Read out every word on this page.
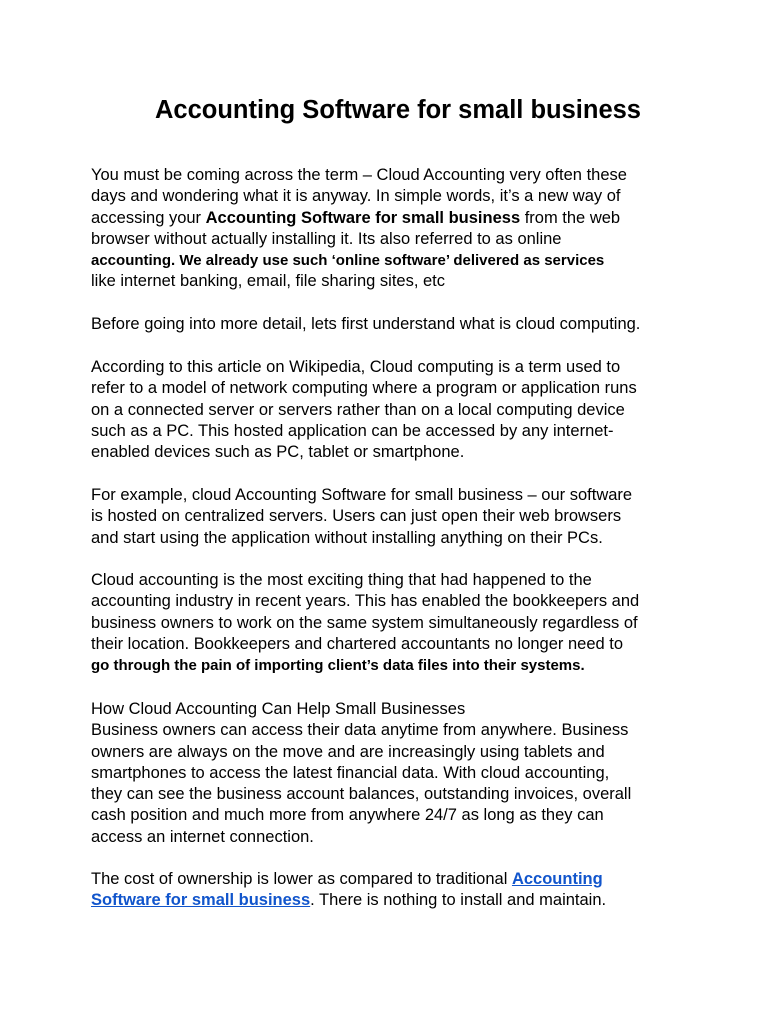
Accounting Software for small business

You must be coming across the term – Cloud Accounting very often these
days and wondering what it is anyway. In simple words, it’s a new way of
accessing your Accounting Software for small business from the web
browser without actually installing it. Its also referred to as online
accounting. We already use such ‘online software’ delivered as services
like internet banking, email, file sharing sites, etc

Before going into more detail, lets first understand what is cloud computing.

According to this article on Wikipedia, Cloud computing is a term used to
refer to a model of network computing where a program or application runs
on a connected server or servers rather than on a local computing device
such as a PC. This hosted application can be accessed by any internet-
enabled devices such as PC, tablet or smartphone.

For example, cloud Accounting Software for small business – our software
is hosted on centralized servers. Users can just open their web browsers
and start using the application without installing anything on their PCs.

Cloud accounting is the most exciting thing that had happened to the
accounting industry in recent years. This has enabled the bookkeepers and
business owners to work on the same system simultaneously regardless of
their location. Bookkeepers and chartered accountants no longer need to
go through the pain of importing client’s data files into their systems.

How Cloud Accounting Can Help Small Businesses
Business owners can access their data anytime from anywhere. Business
owners are always on the move and are increasingly using tablets and
smartphones to access the latest financial data. With cloud accounting,
they can see the business account balances, outstanding invoices, overall
cash position and much more from anywhere 24/7 as long as they can
access an internet connection.

The cost of ownership is lower as compared to traditional Accounting
Software for small business. There is nothing to install and maintain.
